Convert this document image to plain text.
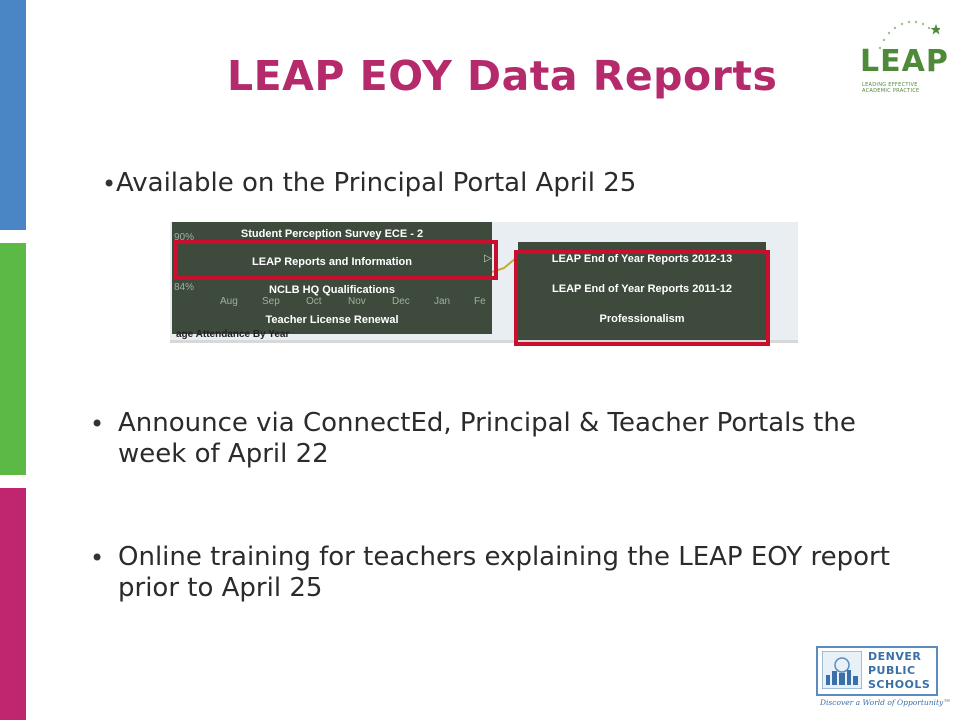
LEAP EOY Data Reports	LEAP
LEADING EFFECTIVE ACADEMIC PRACTICE
• Available on the Principal Portal April 25
Student Perception Survey ECE - 2
LEAP Reports and Information
NCLB HQ Qualifications
Teacher License Renewal
90%
84%
Aug Sep	Oct	Nov	Dec Jan Fe
▷	LEAP End of Year Reports 2012-13
LEAP End of Year Reports 2011-12
Professionalism
age Attendance By Year
• Announce via ConnectEd, Principal & Teacher Portals the week of April 22
• Online training for teachers explaining the LEAP EOY report prior to April 25
DENVER
PUBLIC
SCHOOLS
Discover a World of Opportunity™
